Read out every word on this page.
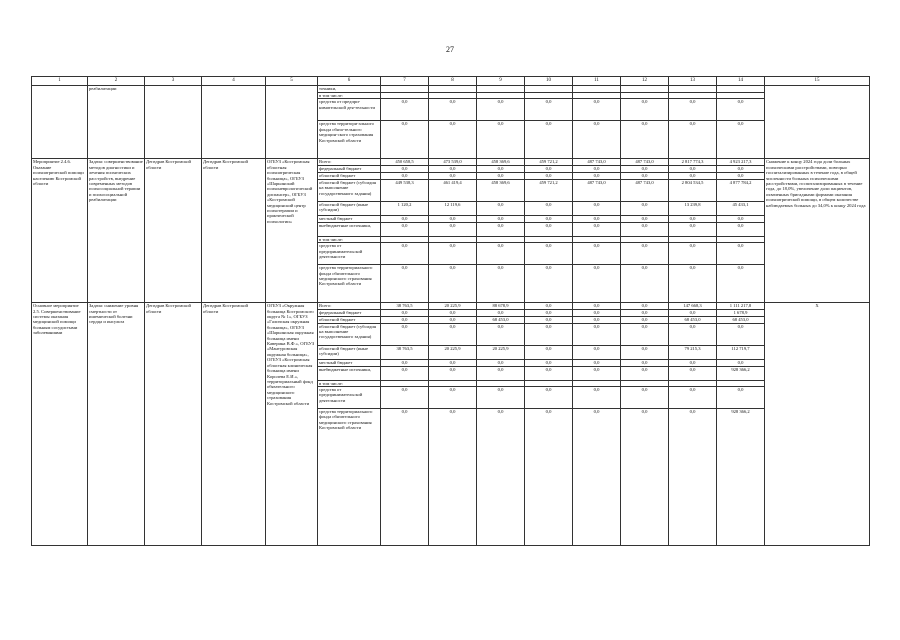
27
1	2	3	4	5	6	7	8	9	10	11	12	13	14	15
	реабилитации				точники,									
					в том числе:									
					средства от предпри-нимательской дея-тельности	0,0	0,0	0,0	0,0	0,0	0,0	0,0	0,0	
					средства территори-ального фонда обяза-тельного медицин-ского страхования Костромской области	0,0	0,0	0,0	0,0	0,0	0,0	0,0	0,0	
Мероприятие 2.4.6. Оказание психиатрической помощи населению Костромской области	Задача: совершенствование методов диагностики и лечения психических расстройств, внедрение современных методов психосоциальной терапии и психосоциальной реабилитации	Депздрав Костромской области	Депздрав Костромской области	ОГБУЗ «Костромская областная психиатрическая больница», ОГБУЗ «Шарьинский психоневрологический диспансер», ОГБУЗ «Костромской медицинский центр психотерапии и практической психологии»	Всего:	450 658,5	473 539,0	458 369,6	459 721,2	487 743,0	487 743,0	2 817 774,3	4 923 217,3	Снижение к концу 2024 года доли больных психическими расстройствами, повторно госпитализированных в течение года, в общей численности больных психическими расстройствами, госпитализированных в течение года, до 18,0%, увеличение доли пациентов, охваченных бригадными формами оказания психиатрической помощи, в общем количестве наблюдаемых больных до 34,0% к концу 2024 года
					федеральный бюджет	0,0	0,0	0,0	0,0	0,0	0,0	0,0	0,0	
					областной бюджет	0,0	0,0	0,0	0,0	0,0	0,0	0,0	0,0	
					областной бюджет (субсидия на выполнение государственного задания)	449 538,3	461 419,4	458 369,6	459 721,2	487 743,0	487 743,0	2 804 534,5	4 877 784,2	
					областной бюджет (иные субсидии)	1 120,2	12 119,6	0,0	0,0	0,0	0,0	13 239,8	45 433,1	
					местный бюджет	0,0	0,0	0,0	0,0	0,0	0,0	0,0	0,0	
					внебюджетные источники,	0,0	0,0	0,0	0,0	0,0	0,0	0,0	0,0	
					в том числе:									
					средства от предпринимательской деятельности	0,0	0,0	0,0	0,0	0,0	0,0	0,0	0,0	
					средства территориального фонда обязательного медицинского страхования Костромской области	0,0	0,0	0,0	0,0	0,0	0,0	0,0	0,0	
Основное мероприятие 2.5. Совершенствование системы оказания медицинской помощи больным сосудистыми заболеваниями	Задача: снижение уровня смертности от ишемической болезни сердца и инсульта	Депздрав Костромской области	Депздрав Костромской области	ОГБУЗ «Окружная больница Костромского округа № 1», ОГБУЗ «Галичская окружная больница», ОГБУЗ «Шарьинская окружная больница имени Каверина В.Ф.», ОГБУЗ «Мантуровская окружная больница», ОГБУЗ «Костромская областная клиническая больница имени Королева Е.И.», территориальный фонд обязательного медицинского страхования Костромской области	Всего:	38 763,5	20 225,9	88 678,9	0,0	0,0	0,0	147 668,3	1 111 217,8	Х
					федеральный бюджет	0,0	0,0	0,0	0,0	0,0	0,0	0,0	1 678,9	
					областной бюджет	0,0	0,0	68 453,0	0,0	0,0	0,0	68 453,0	68 453,0	
					областной бюджет (субсидия на выполнение государственного задания)	0,0	0,0	0,0	0,0	0,0	0,0	0,0	0,0	
					областной бюджет (иные субсидии)	38 763,5	20 225,9	20 225,9	0,0	0,0	0,0	79 215,3	112 719,7	
					местный бюджет	0,0	0,0	0,0	0,0	0,0	0,0	0,0	0,0	
					внебюджетные источники,	0,0	0,0	0,0	0,0	0,0	0,0	0,0	928 366,2	
					в том числе:									
					средства от предпринимательской деятельности	0,0	0,0	0,0	0,0	0,0	0,0	0,0	0,0	
					средства территориального фонда обязательного медицинского страхования Костромской области	0,0	0,0	0,0	0,0	0,0	0,0	0,0	928 366,2	
